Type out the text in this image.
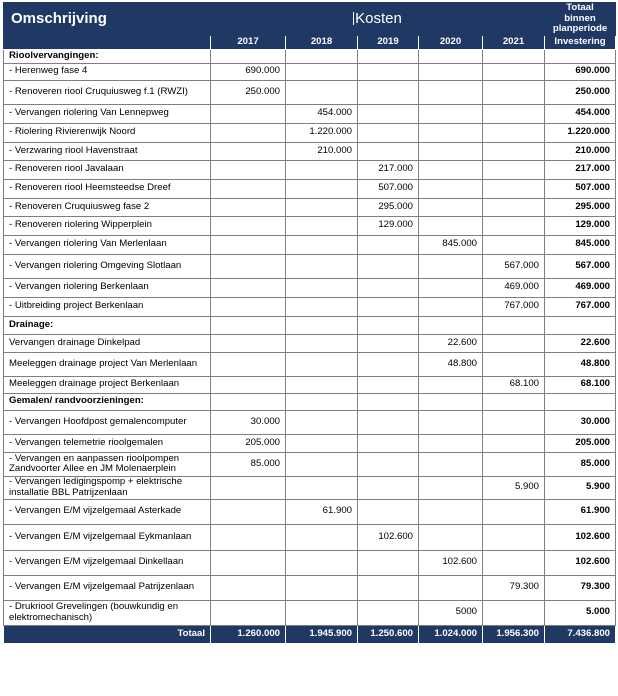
Omschrijving	Kosten					Totaal
binnen
planperiode

	2017	2018	2019	2020	2021	Investering
Rioolvervangingen:						
- Herenweg fase 4	690.000					690.000
- Renoveren riool Cruquiusweg f.1 (RWZI)	250.000					250.000
- Vervangen riolering Van Lennepweg		454.000				454.000
- Riolering Rivierenwijk Noord		1.220.000				1.220.000
- Verzwaring riool Havenstraat		210.000				210.000
- Renoveren riool Javalaan			217.000			217.000
- Renoveren riool Heemsteedse Dreef			507.000			507.000
- Renoveren Cruquiusweg fase 2			295.000			295.000
- Renoveren riolering Wipperplein			129.000			129.000
- Vervangen riolering Van Merlenlaan				845.000		845.000
- Vervangen riolering Omgeving Slotlaan					567.000	567.000
- Vervangen riolering Berkenlaan					469.000	469.000
- Uitbreiding project Berkenlaan					767.000	767.000
Drainage:						
Vervangen drainage Dinkelpad				22.600		22.600
Meeleggen drainage project Van Merlenlaan				48.800		48.800
Meeleggen drainage project Berkenlaan					68.100	68.100
Gemalen/ randvoorzieningen:						
- Vervangen Hoofdpost gemalencomputer	30.000					30.000
- Vervangen telemetrie rioolgemalen	205.000					205.000
- Vervangen en aanpassen rioolpompen Zandvoorter Allee en JM Molenaerplein	85.000					85.000
- Vervangen ledigingspomp + elektrische installatie BBL Patrijzenlaan					5.900	5.900
- Vervangen E/M vijzelgemaal Asterkade		61.900				61.900
- Vervangen E/M vijzelgemaal Eykmanlaan			102.600			102.600
- Vervangen E/M vijzelgemaal Dinkellaan				102.600		102.600
- Vervangen E/M vijzelgemaal Patrijzenlaan					79.300	79.300
- Drukriool Grevelingen (bouwkundig en elektromechanisch)				5000		5.000
Totaal	1.260.000	1.945.900	1.250.600	1.024.000	1.956.300	7.436.800
